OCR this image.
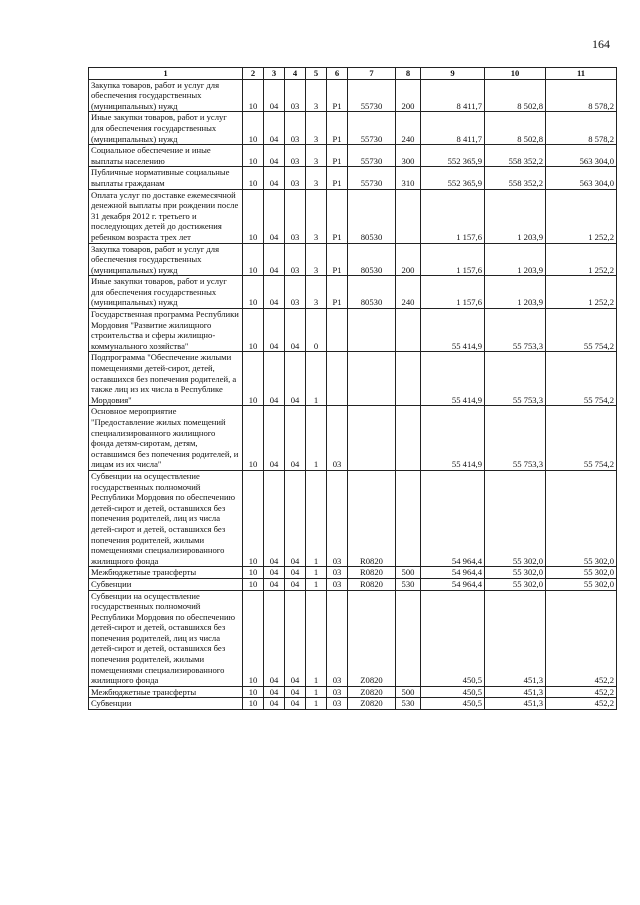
164
1	2	3	4	5	6	7	8	9	10	11
Закупка товаров, работ и услуг для обеспечения государственных (муниципальных) нужд	10	04	03	3	P1	55730	200	8 411,7	8 502,8	8 578,2
Иные закупки товаров, работ и услуг для обеспечения государственных (муниципальных) нужд	10	04	03	3	P1	55730	240	8 411,7	8 502,8	8 578,2
Социальное обеспечение и иные выплаты населению	10	04	03	3	P1	55730	300	552 365,9	558 352,2	563 304,0
Публичные нормативные социальные выплаты гражданам	10	04	03	3	P1	55730	310	552 365,9	558 352,2	563 304,0
Оплата услуг по доставке ежемесячной денежной выплаты при рождении после 31 декабря 2012 г. третьего и последующих детей до достижения ребенком возраста трех лет	10	04	03	3	P1	80530		1 157,6	1 203,9	1 252,2
Закупка товаров, работ и услуг для обеспечения государственных (муниципальных) нужд	10	04	03	3	P1	80530	200	1 157,6	1 203,9	1 252,2
Иные закупки товаров, работ и услуг для обеспечения государственных (муниципальных) нужд	10	04	03	3	P1	80530	240	1 157,6	1 203,9	1 252,2
Государственная программа Республики Мордовия "Развитие жилищного строительства и сферы жилищно-коммунального хозяйства"	10	04	04	0				55 414,9	55 753,3	55 754,2
Подпрограмма "Обеспечение жилыми помещениями детей-сирот, детей, оставшихся без попечения родителей, а также лиц из их числа в Республике Мордовия"	10	04	04	1				55 414,9	55 753,3	55 754,2
Основное мероприятие "Предоставление жилых помещений специализированного жилищного фонда детям-сиротам, детям, оставшимся без попечения родителей, и лицам из их числа"	10	04	04	1	03			55 414,9	55 753,3	55 754,2
Субвенции на осуществление государственных полномочий Республики Мордовия по обеспечению детей-сирот и детей, оставшихся без попечения родителей, лиц из числа детей-сирот и детей, оставшихся без попечения родителей, жилыми помещениями специализированного жилищного фонда	10	04	04	1	03	R0820		54 964,4	55 302,0	55 302,0
Межбюджетные трансферты	10	04	04	1	03	R0820	500	54 964,4	55 302,0	55 302,0
Субвенции	10	04	04	1	03	R0820	530	54 964,4	55 302,0	55 302,0
Субвенции на осуществление государственных полномочий Республики Мордовия по обеспечению детей-сирот и детей, оставшихся без попечения родителей, лиц из числа детей-сирот и детей, оставшихся без попечения родителей, жилыми помещениями специализированного жилищного фонда	10	04	04	1	03	Z0820		450,5	451,3	452,2
Межбюджетные трансферты	10	04	04	1	03	Z0820	500	450,5	451,3	452,2
Субвенции	10	04	04	1	03	Z0820	530	450,5	451,3	452,2
